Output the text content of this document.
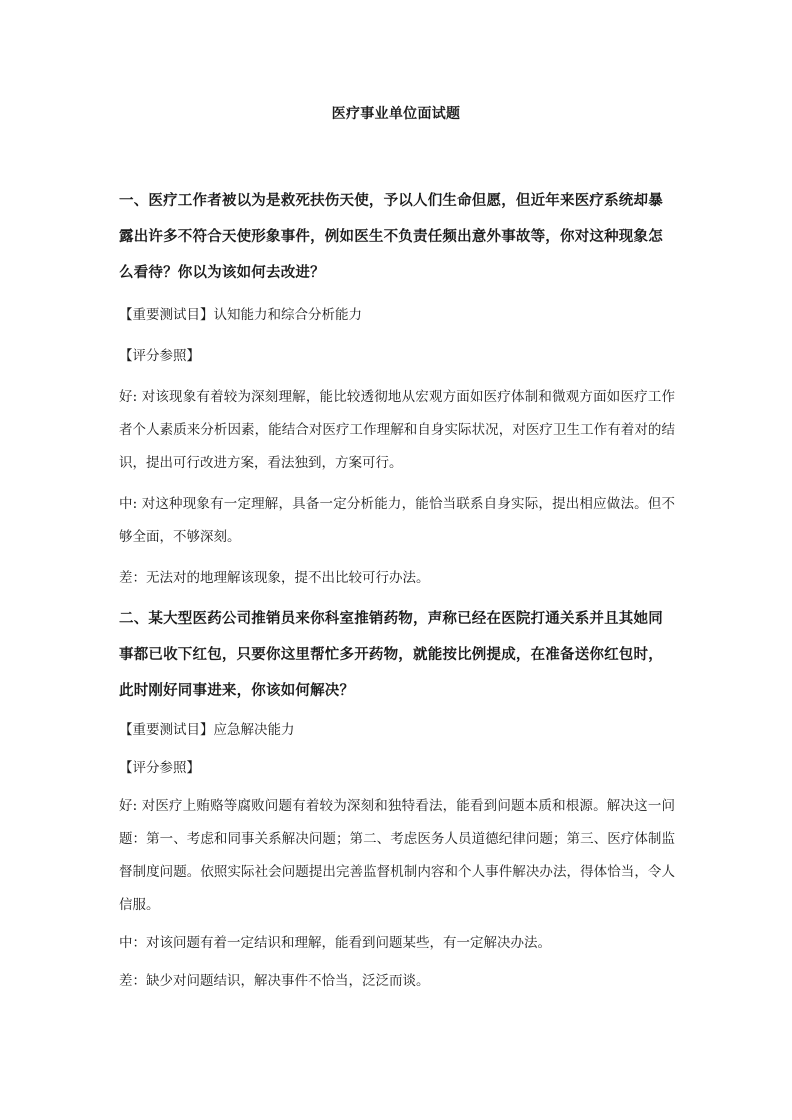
医疗事业单位面试题

一、医疗工作者被以为是救死扶伤天使，予以人们生命但愿，但近年来医疗系统却暴露出许多不符合天使形象事件，例如医生不负责任频出意外事故等，你对这种现象怎么看待？你以为该如何去改进？

【重要测试目】认知能力和综合分析能力

【评分参照】

好: 对该现象有着较为深刻理解，能比较透彻地从宏观方面如医疗体制和微观方面如医疗工作者个人素质来分析因素，能结合对医疗工作理解和自身实际状况，对医疗卫生工作有着对的结识，提出可行改进方案，看法独到，方案可行。

中: 对这种现象有一定理解，具备一定分析能力，能恰当联系自身实际，提出相应做法。但不够全面，不够深刻。

差：无法对的地理解该现象，提不出比较可行办法。

二、某大型医药公司推销员来你科室推销药物，声称已经在医院打通关系并且其她同事都已收下红包，只要你这里帮忙多开药物，就能按比例提成，在准备送你红包时，此时刚好同事进来，你该如何解决？

【重要测试目】应急解决能力

【评分参照】

好: 对医疗上贿赂等腐败问题有着较为深刻和独特看法，能看到问题本质和根源。解决这一问题：第一、考虑和同事关系解决问题；第二、考虑医务人员道德纪律问题；第三、医疗体制监督制度问题。依照实际社会问题提出完善监督机制内容和个人事件解决办法，得体恰当，令人信服。

中：对该问题有着一定结识和理解，能看到问题某些，有一定解决办法。

差：缺少对问题结识，解决事件不恰当，泛泛而谈。
